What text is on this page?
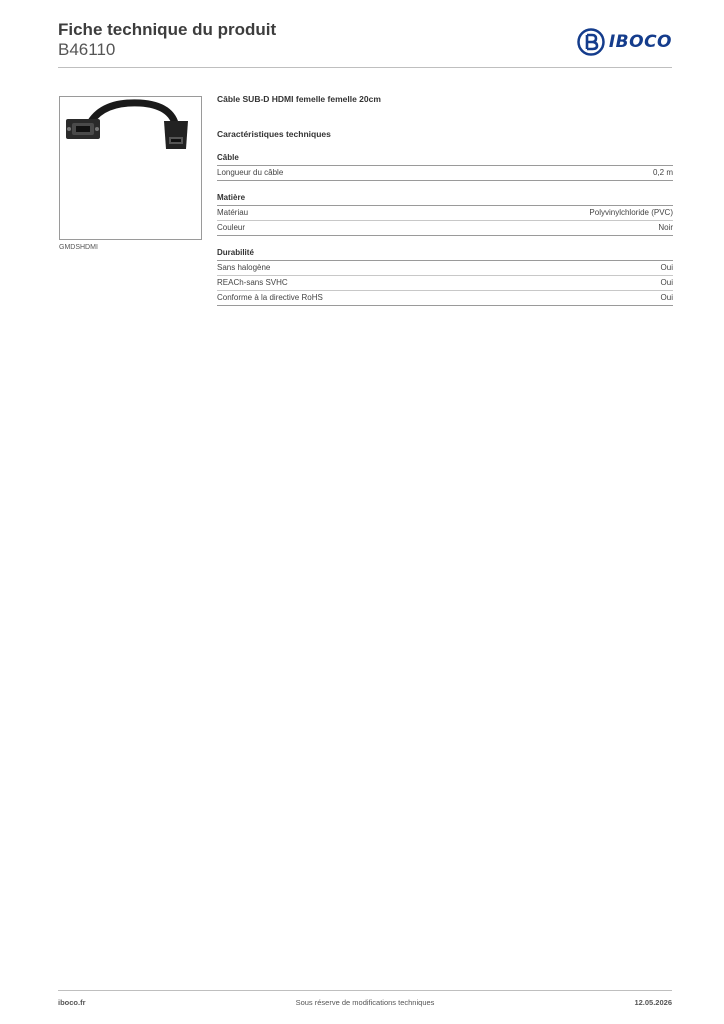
Fiche technique du produit
B46110	IBOCO
GMDSHDMI
Câble SUB-D HDMI femelle femelle 20cm
Caractéristiques techniques
Câble
Longueur du câble	0,2 m
Matière
Matériau	Polyvinylchloride (PVC)
Couleur	Noir
Durabilité
Sans halogène	Oui
REACh-sans SVHC	Oui
Conforme à la directive RoHS	Oui
iboco.fr	Sous réserve de modifications techniques	12.05.2026
